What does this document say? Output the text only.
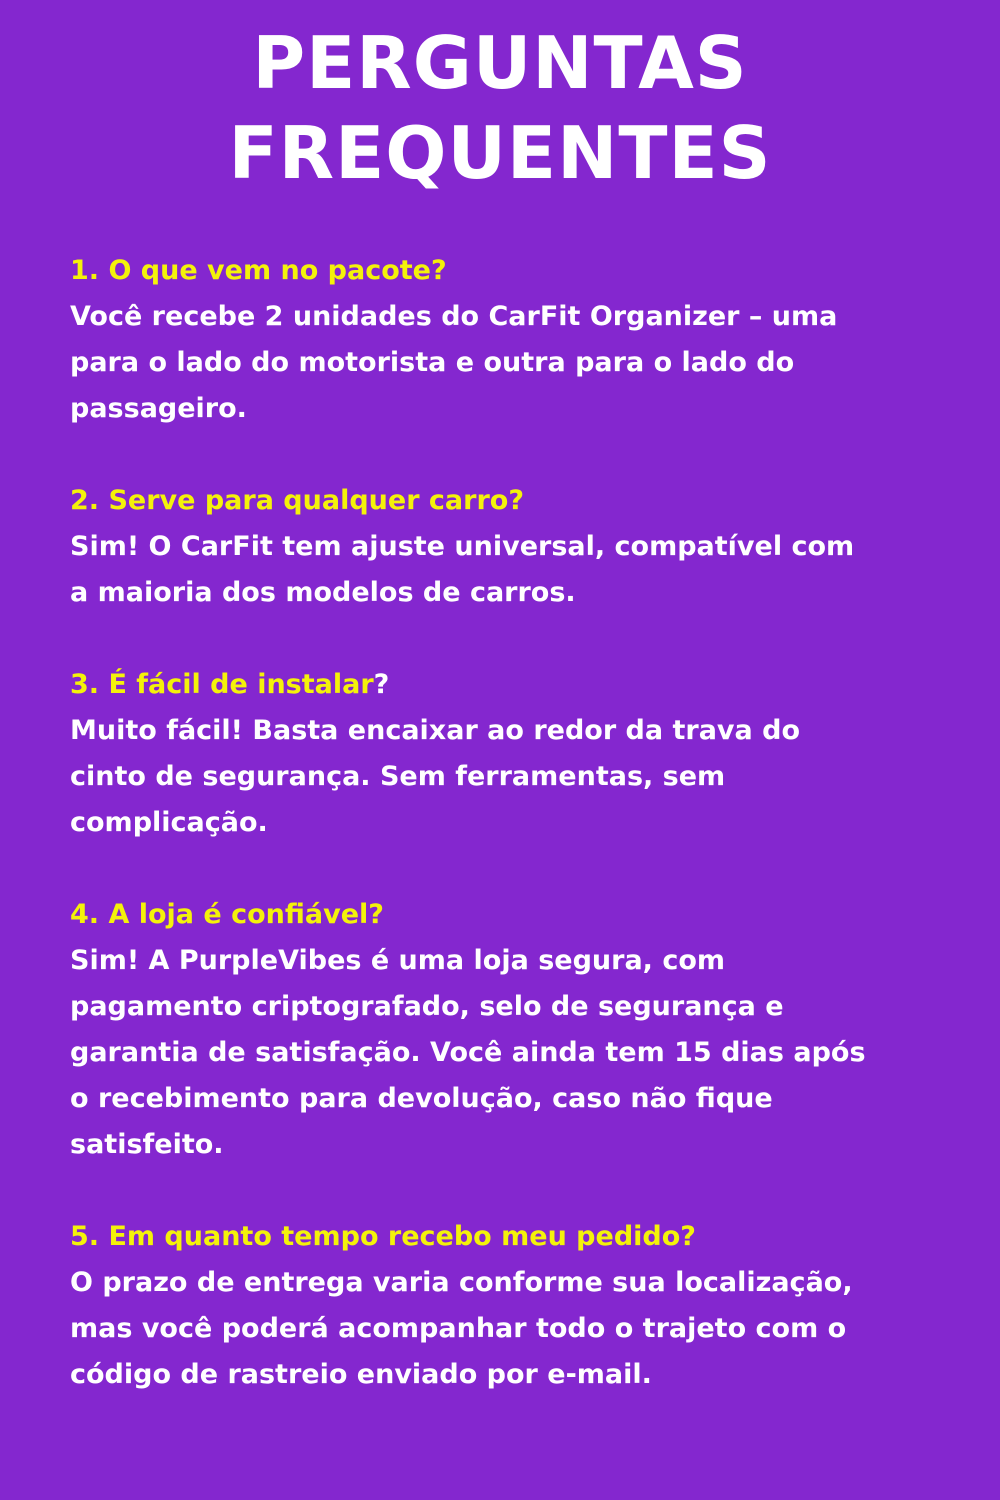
PERGUNTAS
FREQUENTES

1. O que vem no pacote?

Você recebe 2 unidades do CarFit Organizer – uma
para o lado do motorista e outra para o lado do
passageiro.

2. Serve para qualquer carro?

Sim! O CarFit tem ajuste universal, compatível com
a maioria dos modelos de carros.

3. É fácil de instalar?

Muito fácil! Basta encaixar ao redor da trava do
cinto de segurança. Sem ferramentas, sem
complicação.

4. A loja é confiável?

Sim! A PurpleVibes é uma loja segura, com
pagamento criptografado, selo de segurança e
garantia de satisfação. Você ainda tem 15 dias após
o recebimento para devolução, caso não fique
satisfeito.

5. Em quanto tempo recebo meu pedido?

O prazo de entrega varia conforme sua localização,
mas você poderá acompanhar todo o trajeto com o
código de rastreio enviado por e-mail.
